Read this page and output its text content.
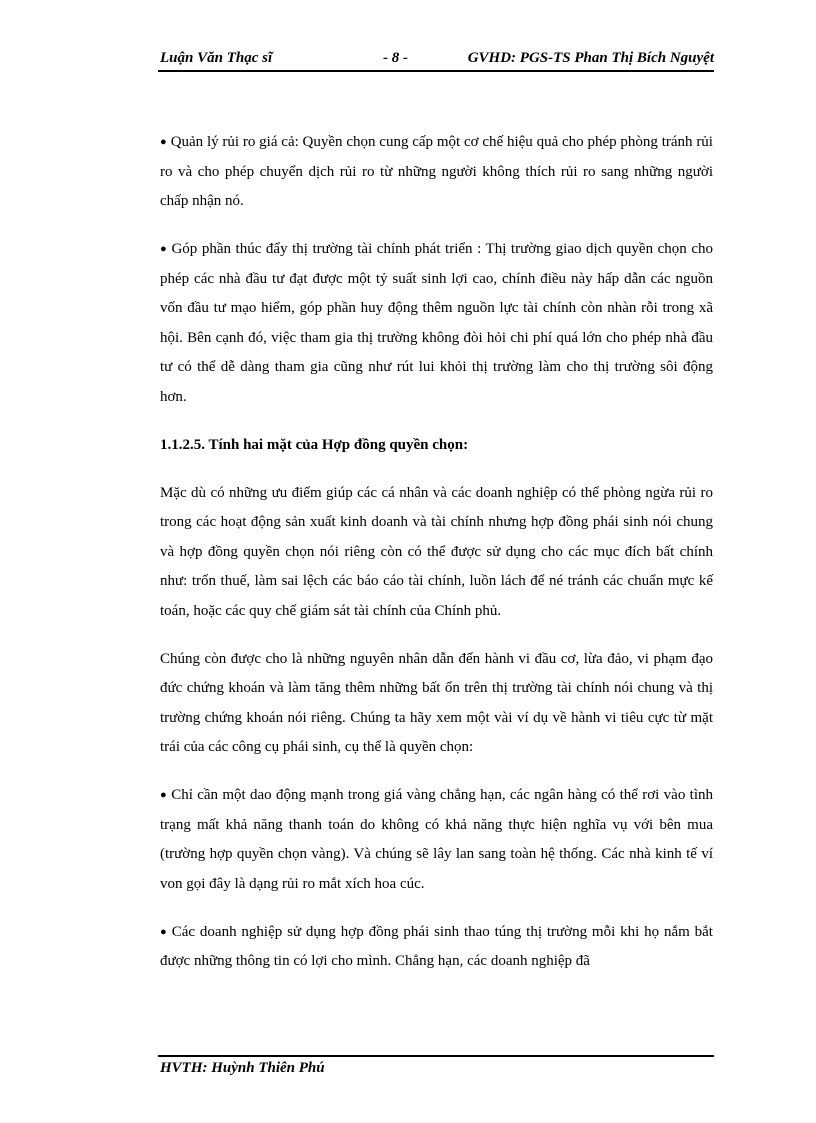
Luận Văn Thạc sĩ	- 8 -	GVHD: PGS-TS Phan Thị Bích Nguyệt

● Quản lý rủi ro giá cả: Quyền chọn cung cấp một cơ chế hiệu quả cho phép phòng tránh rủi ro và cho phép chuyển dịch rủi ro từ những người không thích rủi ro sang những người chấp nhận nó.

● Góp phần thúc đẩy thị trường tài chính phát triển : Thị trường giao dịch quyền chọn cho phép các nhà đầu tư đạt được một tỷ suất sinh lợi cao, chính điều này hấp dẫn các nguồn vốn đầu tư mạo hiểm, góp phần huy động thêm nguồn lực tài chính còn nhàn rỗi trong xã hội. Bên cạnh đó, việc tham gia thị trường không đòi hỏi chi phí quá lớn cho phép nhà đầu tư có thể dễ dàng tham gia cũng như rút lui khỏi thị trường làm cho thị trường sôi động hơn.

1.1.2.5. Tính hai mặt của Hợp đồng quyền chọn:

Mặc dù có những ưu điểm giúp các cá nhân và các doanh nghiệp có thể phòng ngừa rủi ro trong các hoạt động sản xuất kinh doanh và tài chính nhưng hợp đồng phái sinh nói chung và hợp đồng quyền chọn nói riêng còn có thể được sử dụng cho các mục đích bất chính như: trốn thuế, làm sai lệch các báo cáo tài chính, luồn lách để né tránh các chuẩn mực kế toán, hoặc các quy chế giám sát tài chính của Chính phủ.

Chúng còn được cho là những nguyên nhân dẫn đến hành vi đầu cơ, lừa đảo, vi phạm đạo đức chứng khoán và làm tăng thêm những bất ổn trên thị trường tài chính nói chung và thị trường chứng khoán nói riêng. Chúng ta hãy xem một vài ví dụ về hành vi tiêu cực từ mặt trái của các công cụ phái sinh, cụ thể là quyền chọn:

● Chỉ cần một dao động mạnh trong giá vàng chẳng hạn, các ngân hàng có thể rơi vào tình trạng mất khả năng thanh toán do không có khả năng thực hiện nghĩa vụ với bên mua (trường hợp quyền chọn vàng). Và chúng sẽ lây lan sang toàn hệ thống. Các nhà kinh tế ví von gọi đây là dạng rủi ro mắt xích hoa cúc.

● Các doanh nghiệp sử dụng hợp đồng phái sinh thao túng thị trường mỗi khi họ nắm bắt được những thông tin có lợi cho mình. Chẳng hạn, các doanh nghiệp đã

HVTH: Huỳnh Thiên Phú
